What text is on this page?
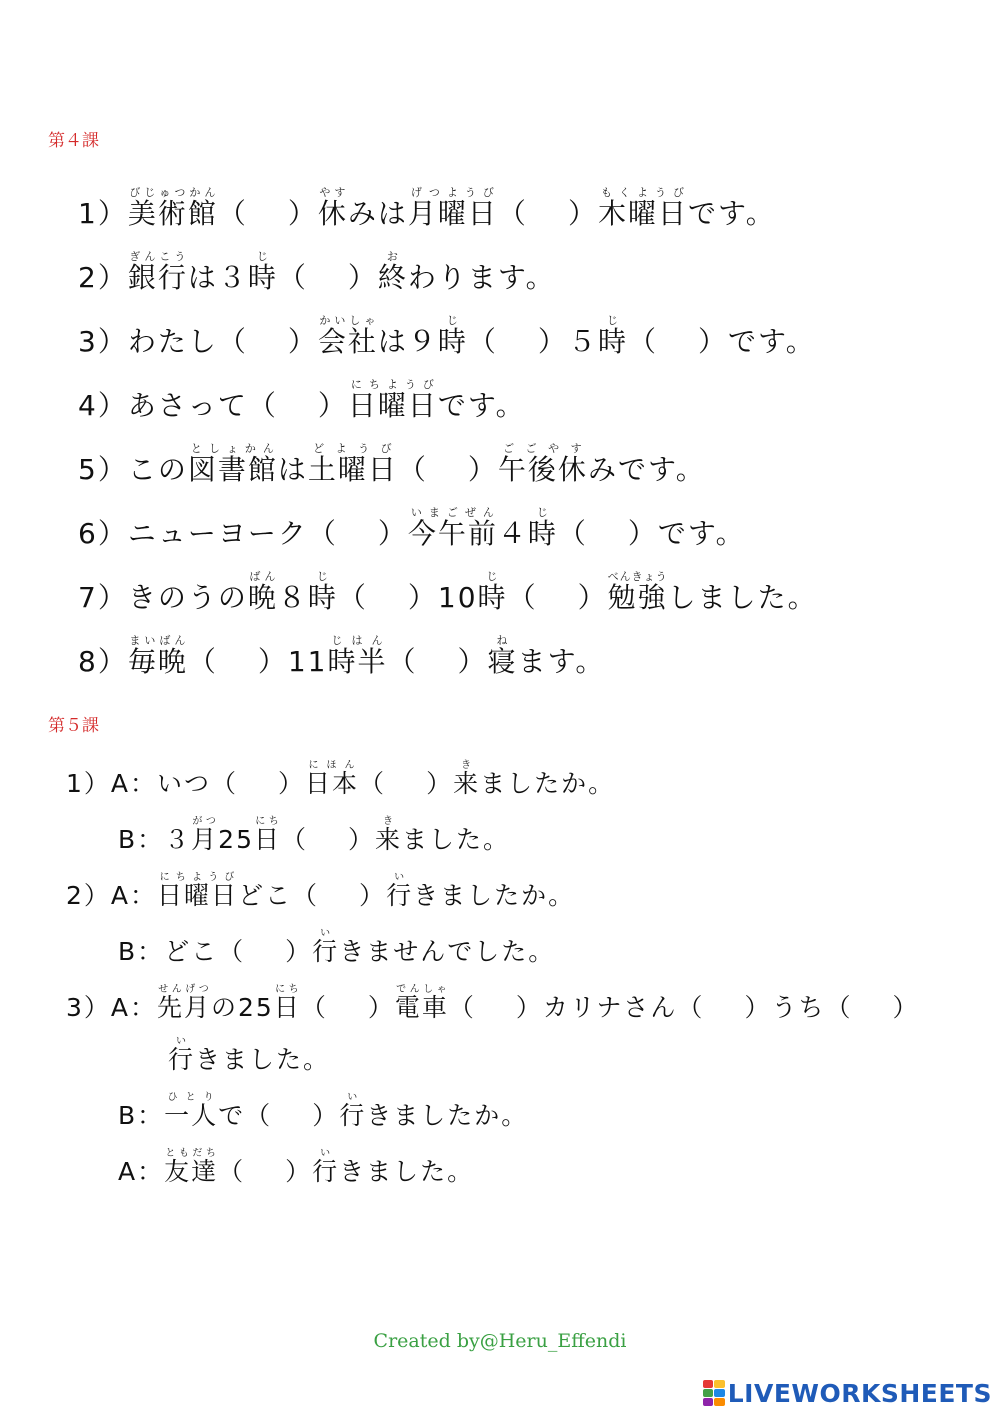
第４課
1）美術館びじゅつかん（ ）休やすみは月曜日げつようび（ ）木曜日もくようびです。
2）銀行ぎんこうは３時じ（ ）終おわります。
3）わたし（ ）会社かいしゃは９時じ（ ）５時じ（ ）です。
4）あさって（ ）日曜日にちようびです。
5）この図書館としょかんは土曜日どようび（ ）午後休ごごやすみです。
6）ニューヨーク（ ）今午前いまごぜん４時じ（ ）です。
7）きのうの晩ばん８時じ（ ）10時じ（ ）勉強べんきょうしました。
8）毎晩まいばん（ ）11時半じはん（ ）寝ねます。
第５課
1）A：いつ（ ）日本にほん（ ）来きましたか。
B：３月がつ25日にち（ ）来きました。
2）A：日曜日にちようびどこ（ ）行いきましたか。
B：どこ（ ）行いきませんでした。
3）A：先月せんげつの25日にち（ ）電車でんしゃ（ ）カリナさん（ ）うち（ ）
行いきました。
B：一人ひとりで（ ）行いきましたか。
A：友達ともだち（ ）行いきました。
Created by@Heru_Effendi
LIVEWORKSHEETS
